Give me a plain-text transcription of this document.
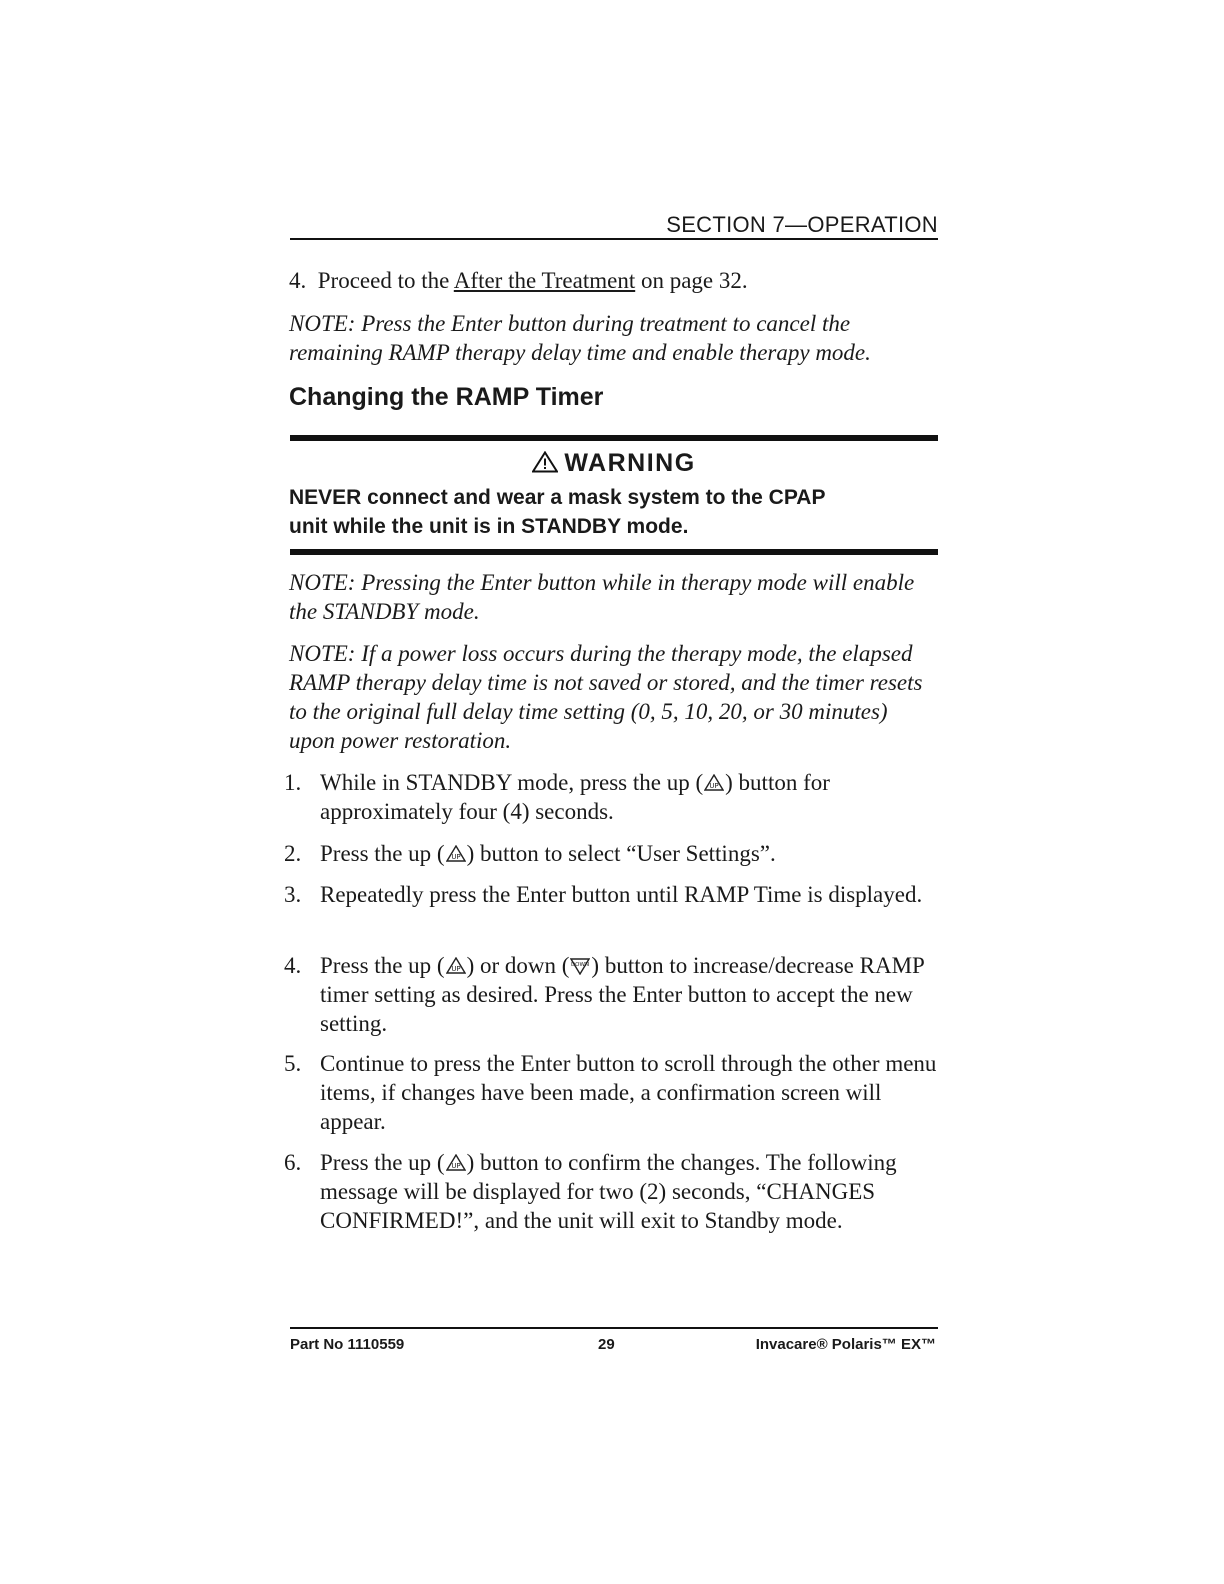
SECTION 7—OPERATION

4. Proceed to the After the Treatment on page 32.

NOTE: Press the Enter button during treatment to cancel the remaining RAMP therapy delay time and enable therapy mode.

Changing the RAMP Timer
WARNING
NEVER connect and wear a mask system to the CPAP
unit while the unit is in STANDBY mode.

NOTE: Pressing the Enter button while in therapy mode will enable the STANDBY mode.

NOTE: If a power loss occurs during the therapy mode, the elapsed RAMP therapy delay time is not saved or stored, and the timer resets to the original full delay time setting (0, 5, 10, 20, or 30 minutes) upon power restoration.

1. While in STANDBY mode, press the up ( UP ) button for approximately four (4) seconds.
2. Press the up ( UP ) button to select “User Settings”.
3. Repeatedly press the Enter button until RAMP Time is displayed.
4. Press the up ( UP ) or down ( DOWN ) button to increase/decrease RAMP timer setting as desired. Press the Enter button to accept the new setting.
5. Continue to press the Enter button to scroll through the other menu items, if changes have been made, a confirmation screen will appear.
6. Press the up ( UP ) button to confirm the changes. The following message will be displayed for two (2) seconds, “CHANGES CONFIRMED!”, and the unit will exit to Standby mode.
Part No 1110559	29	Invacare® Polaris™ EX™
